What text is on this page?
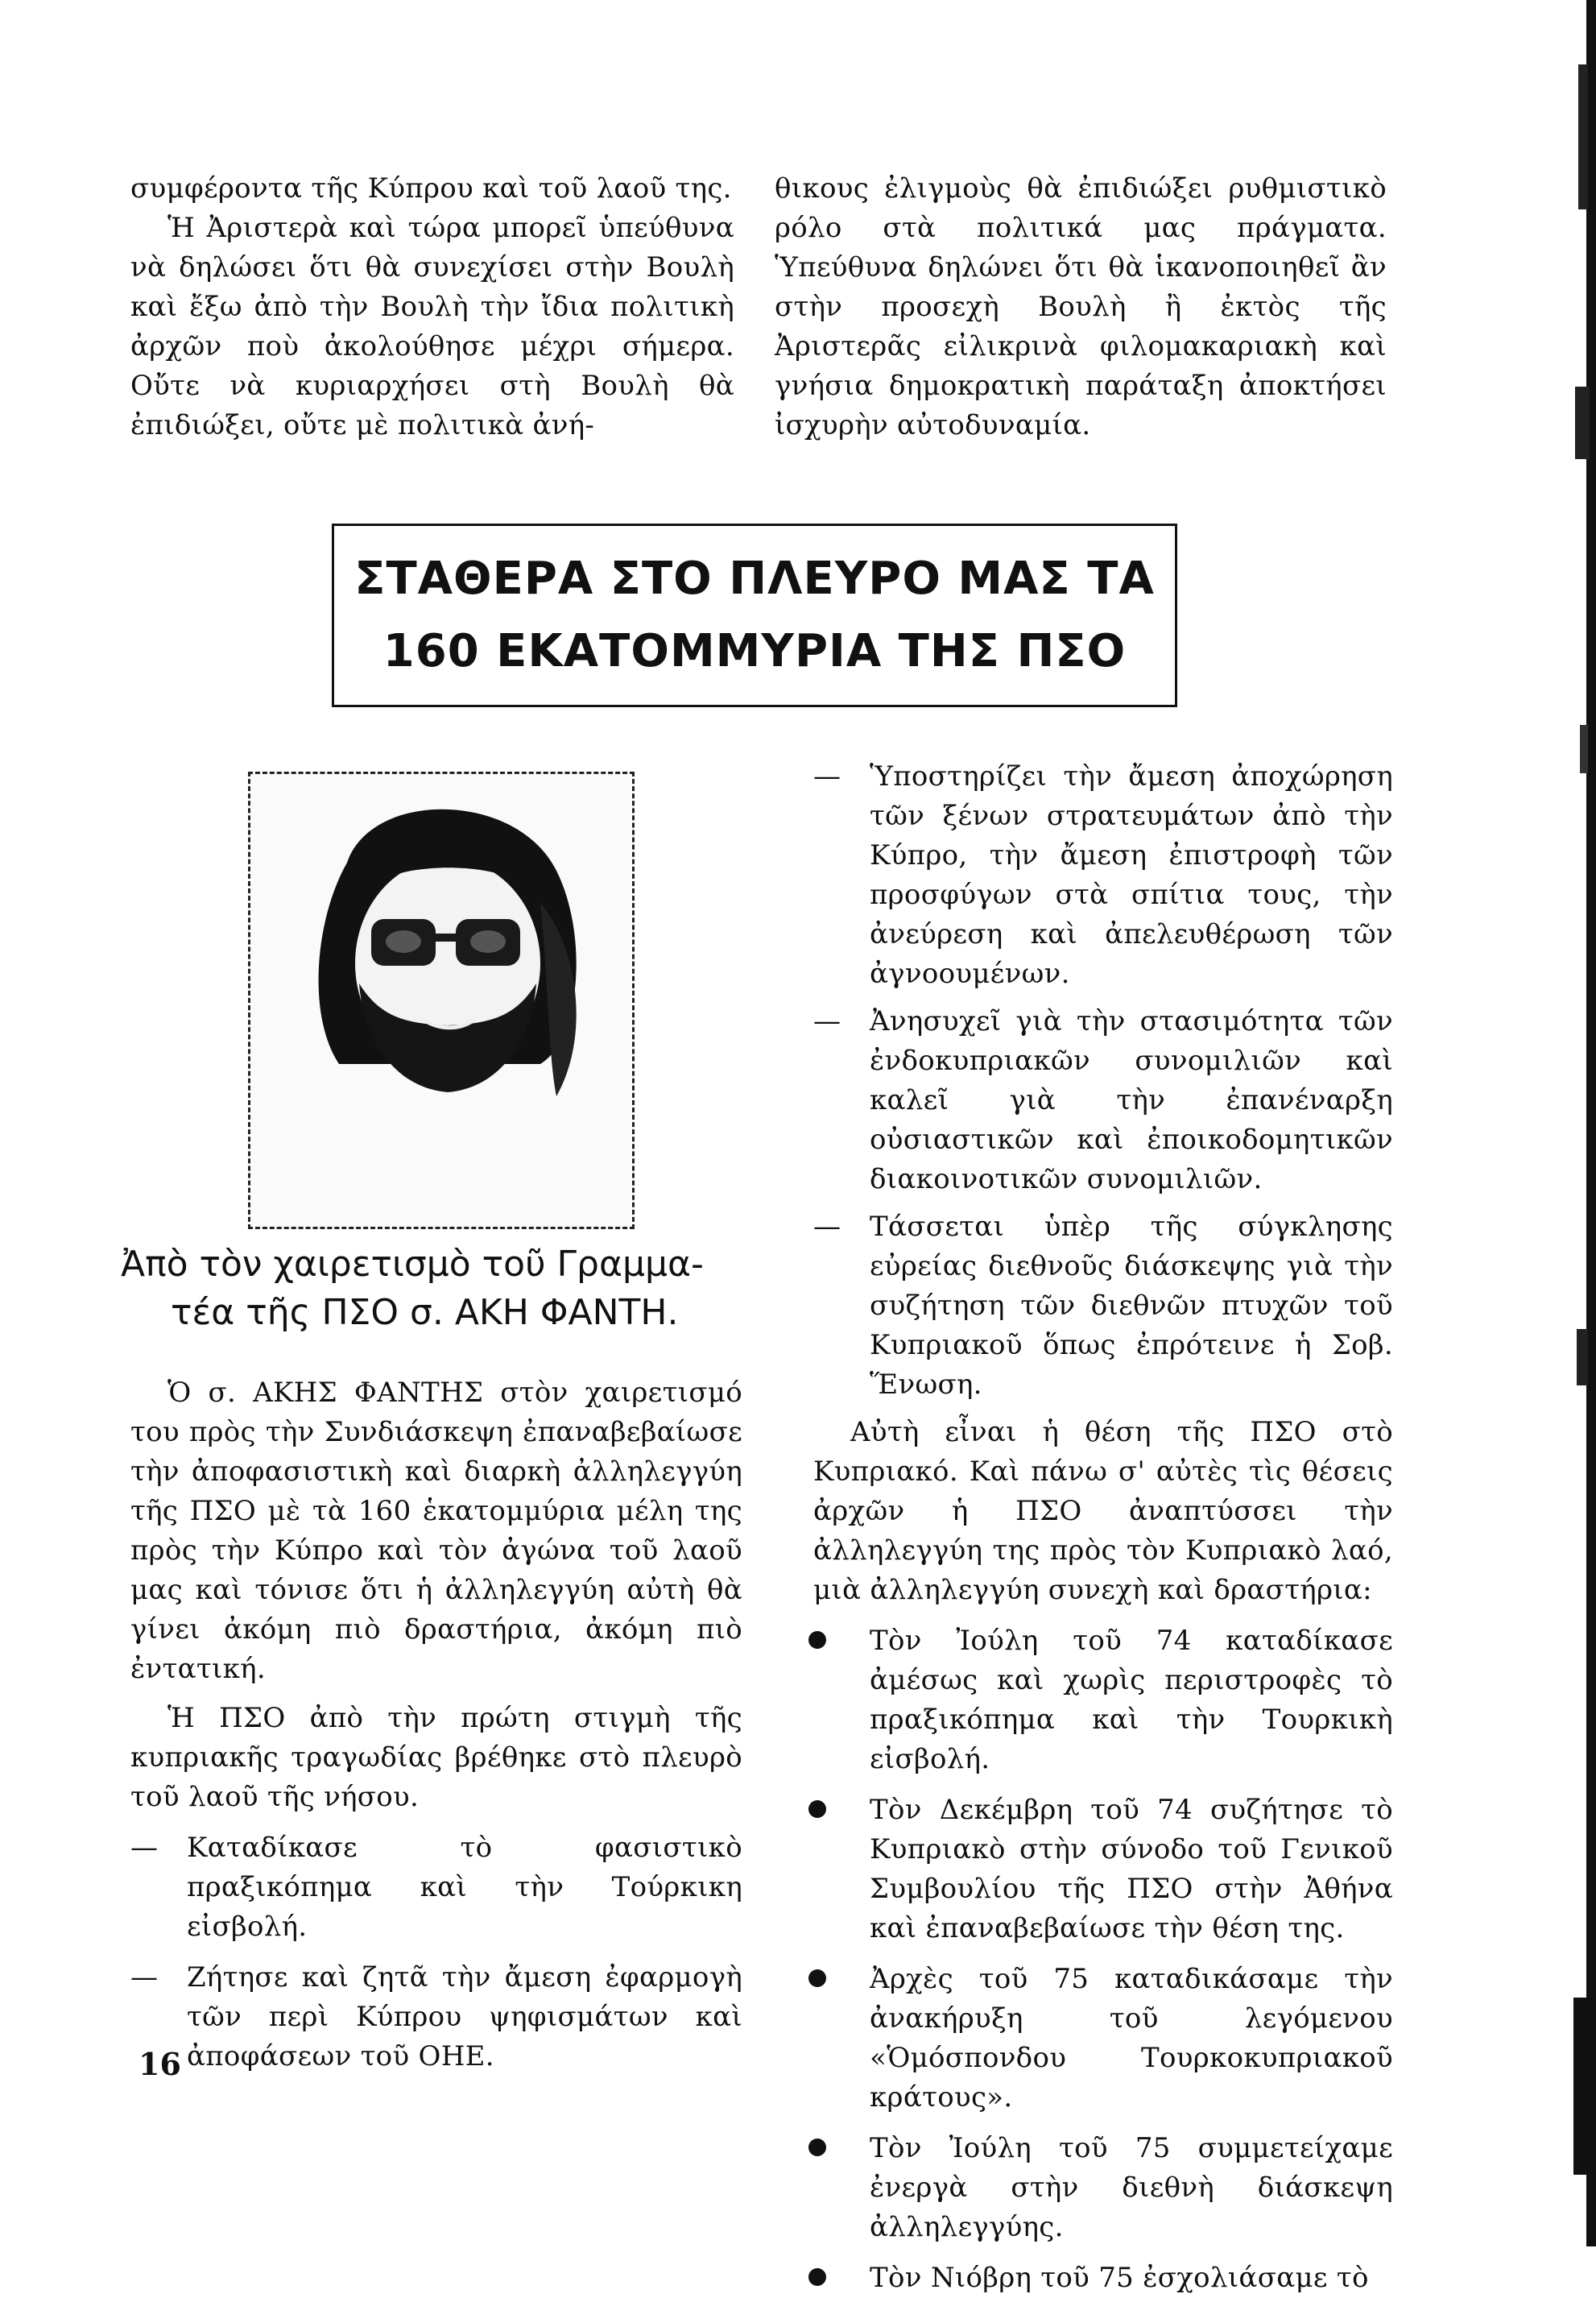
συμφέροντα τῆς Κύπρου καὶ τοῦ λαοῦ της.

Ἡ Ἀριστερὰ καὶ τώρα μπορεῖ ὑπεύθυνα νὰ δηλώσει ὅτι θὰ συνεχίσει στὴν Βουλὴ καὶ ἔξω ἀπὸ τὴν Βουλὴ τὴν ἴδια πολιτικὴ ἀρχῶν ποὺ ἀκολούθησε μέχρι σήμερα. Οὔτε νὰ κυριαρχήσει στὴ Βουλὴ θὰ ἐπιδιώξει, οὔτε μὲ πολιτικὰ ἀνή-

θικους ἐλιγμοὺς θὰ ἐπιδιώξει ρυθμιστικὸ ρόλο στὰ πολιτικά μας πράγματα. Ὑπεύθυνα δηλώνει ὅτι θὰ ἱκανοποιηθεῖ ἂν στὴν προσεχὴ Βουλὴ ἢ ἐκτὸς τῆς Ἀριστερᾶς εἰλικρινὰ φιλομακαριακὴ καὶ γνήσια δημοκρατικὴ παράταξη ἀποκτήσει ἰσχυρὴν αὐτοδυναμία.

ΣΤΑΘΕΡΑ ΣΤΟ ΠΛΕΥΡΟ ΜΑΣ ΤΑ
160 ΕΚΑΤΟΜΜΥΡΙΑ ΤΗΣ ΠΣΟ
Ἀπὸ τὸν χαιρετισμὸ τοῦ Γραμμα-
τέα τῆς ΠΣΟ σ. ΑΚΗ ΦΑΝΤΗ.

Ὁ σ. ΑΚΗΣ ΦΑΝΤΗΣ στὸν χαιρετισμό του πρὸς τὴν Συνδιάσκεψη ἐπαναβεβαίωσε τὴν ἀποφασιστικὴ καὶ διαρκὴ ἀλληλεγγύη τῆς ΠΣΟ μὲ τὰ 160 ἑκατομμύρια μέλη της πρὸς τὴν Κύπρο καὶ τὸν ἀγώνα τοῦ λαοῦ μας καὶ τόνισε ὅτι ἡ ἀλληλεγγύη αὐτὴ θὰ γίνει ἀκόμη πιὸ δραστήρια, ἀκόμη πιὸ ἐντατική.

Ἡ ΠΣΟ ἀπὸ τὴν πρώτη στιγμὴ τῆς κυπριακῆς τραγωδίας βρέθηκε στὸ πλευρὸ τοῦ λαοῦ τῆς νήσου.

— Καταδίκασε τὸ φασιστικὸ πραξικόπημα καὶ τὴν Τούρκικη εἰσβολή.
— Ζήτησε καὶ ζητᾶ τὴν ἄμεση ἐφαρμογὴ τῶν περὶ Κύπρου ψηφισμάτων καὶ ἀποφάσεων τοῦ ΟΗΕ.
— Ὑποστηρίζει τὴν ἄμεση ἀποχώρηση τῶν ξένων στρατευμάτων ἀπὸ τὴν Κύπρο, τὴν ἄμεση ἐπιστροφὴ τῶν προσφύγων στὰ σπίτια τους, τὴν ἀνεύρεση καὶ ἀπελευθέρωση τῶν ἀγνοουμένων.
— Ἀνησυχεῖ γιὰ τὴν στασιμότητα τῶν ἐνδοκυπριακῶν συνομιλιῶν καὶ καλεῖ γιὰ τὴν ἐπανέναρξη οὐσιαστικῶν καὶ ἐποικοδομητικῶν διακοινοτικῶν συνομιλιῶν.
— Τάσσεται ὑπὲρ τῆς σύγκλησης εὐρείας διεθνοῦς διάσκεψης γιὰ τὴν συζήτηση τῶν διεθνῶν πτυχῶν τοῦ Κυπριακοῦ ὅπως ἐπρότεινε ἡ Σοβ. Ἕνωση.

Αὐτὴ εἶναι ἡ θέση τῆς ΠΣΟ στὸ Κυπριακό. Καὶ πάνω σ' αὐτὲς τὶς θέσεις ἀρχῶν ἡ ΠΣΟ ἀναπτύσσει τὴν ἀλληλεγγύη της πρὸς τὸν Κυπριακὸ λαό, μιὰ ἀλληλεγγύη συνεχὴ καὶ δραστήρια:

Τὸν Ἰούλη τοῦ 74 καταδίκασε ἀμέσως καὶ χωρὶς περιστροφὲς τὸ πραξικόπημα καὶ τὴν Τουρκικὴ εἰσβολή.
Τὸν Δεκέμβρη τοῦ 74 συζήτησε τὸ Κυπριακὸ στὴν σύνοδο τοῦ Γενικοῦ Συμβουλίου τῆς ΠΣΟ στὴν Ἀθήνα καὶ ἐπαναβεβαίωσε τὴν θέση της.
Ἀρχὲς τοῦ 75 καταδικάσαμε τὴν ἀνακήρυξη τοῦ λεγόμενου «Ὁμόσπονδου Τουρκοκυπριακοῦ κράτους».
Τὸν Ἰούλη τοῦ 75 συμμετείχαμε ἐνεργὰ στὴν διεθνὴ διάσκεψη ἀλληλεγγύης.
Τὸν Νιόβρη τοῦ 75 ἐσχολιάσαμε τὸ
16
